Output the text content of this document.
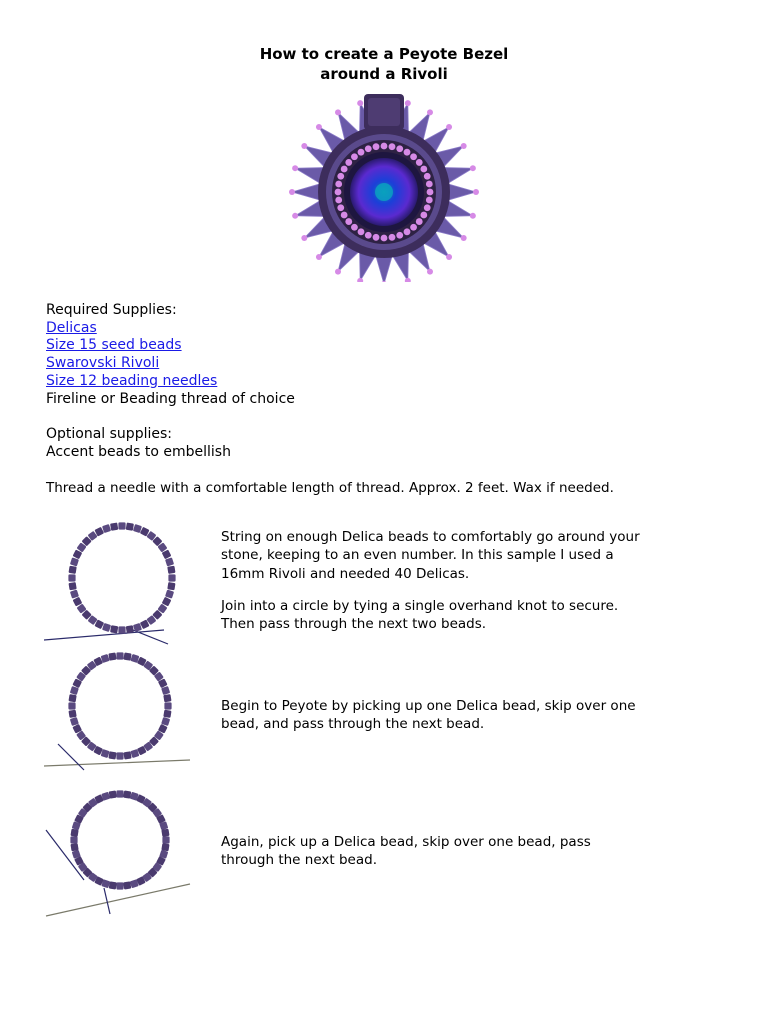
How to create a Peyote Bezel
around a Rivoli
Required Supplies:
Delicas
Size 15 seed beads
Swarovski Rivoli
Size 12 beading needles
Fireline or Beading thread of choice
Optional supplies:
Accent beads to embellish
Thread a needle with a comfortable length of thread. Approx. 2 feet. Wax if needed.

String on enough Delica beads to comfortably go around your stone, keeping to an even number. In this sample I used a 16mm Rivoli and needed 40 Delicas.

Join into a circle by tying a single overhand knot to secure. Then pass through the next two beads.

Begin to Peyote by picking up one Delica bead, skip over one bead, and pass through the next bead.

Again, pick up a Delica bead, skip over one bead, pass through the next bead.
